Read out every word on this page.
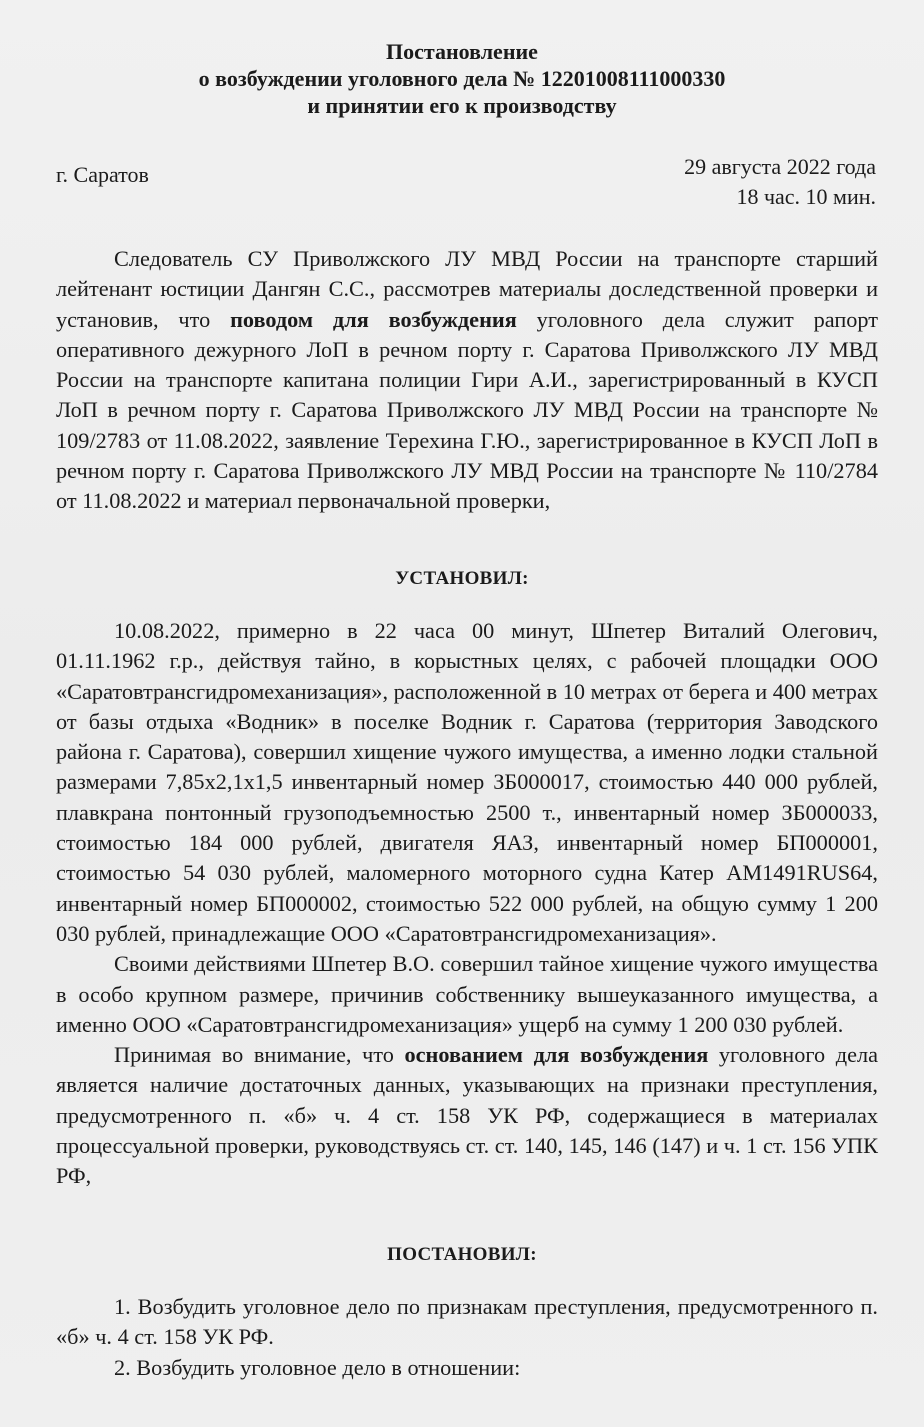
Постановление
о возбуждении уголовного дела № 12201008111000330
и принятии его к производству
г. Саратов	29 августа 2022 года
18 час. 10 мин.

Следователь СУ Приволжского ЛУ МВД России на транспорте старший лейтенант юстиции Дангян С.С., рассмотрев материалы доследственной проверки и установив, что поводом для возбуждения уголовного дела служит рапорт оперативного дежурного ЛоП в речном порту г. Саратова Приволжского ЛУ МВД России на транспорте капитана полиции Гири А.И., зарегистрированный в КУСП ЛоП в речном порту г. Саратова Приволжского ЛУ МВД России на транспорте № 109/2783 от 11.08.2022, заявление Терехина Г.Ю., зарегистрированное в КУСП ЛоП в речном порту г. Саратова Приволжского ЛУ МВД России на транспорте № 110/2784 от 11.08.2022 и материал первоначальной проверки,

УСТАНОВИЛ:

10.08.2022, примерно в 22 часа 00 минут, Шпетер Виталий Олегович, 01.11.1962 г.р., действуя тайно, в корыстных целях, с рабочей площадки ООО «Саратовтрансгидромеханизация», расположенной в 10 метрах от берега и 400 метрах от базы отдыха «Водник» в поселке Водник г. Саратова (территория Заводского района г. Саратова), совершил хищение чужого имущества, а именно лодки стальной размерами 7,85х2,1х1,5 инвентарный номер ЗБ000017, стоимостью 440 000 рублей, плавкрана понтонный грузоподъемностью 2500 т., инвентарный номер ЗБ000033, стоимостью 184 000 рублей, двигателя ЯАЗ, инвентарный номер БП000001, стоимостью 54 030 рублей, маломерного моторного судна Катер АМ1491RUS64, инвентарный номер БП000002, стоимостью 522 000 рублей, на общую сумму 1 200 030 рублей, принадлежащие ООО «Саратовтрансгидромеханизация».

Своими действиями Шпетер В.О. совершил тайное хищение чужого имущества в особо крупном размере, причинив собственнику вышеуказанного имущества, а именно ООО «Саратовтрансгидромеханизация» ущерб на сумму 1 200 030 рублей.

Принимая во внимание, что основанием для возбуждения уголовного дела является наличие достаточных данных, указывающих на признаки преступления, предусмотренного п. «б» ч. 4 ст. 158 УК РФ, содержащиеся в материалах процессуальной проверки, руководствуясь ст. ст. 140, 145, 146 (147) и ч. 1 ст. 156 УПК РФ,

ПОСТАНОВИЛ:

1. Возбудить уголовное дело по признакам преступления, предусмотренного п. «б» ч. 4 ст. 158 УК РФ.

2. Возбудить уголовное дело в отношении:
